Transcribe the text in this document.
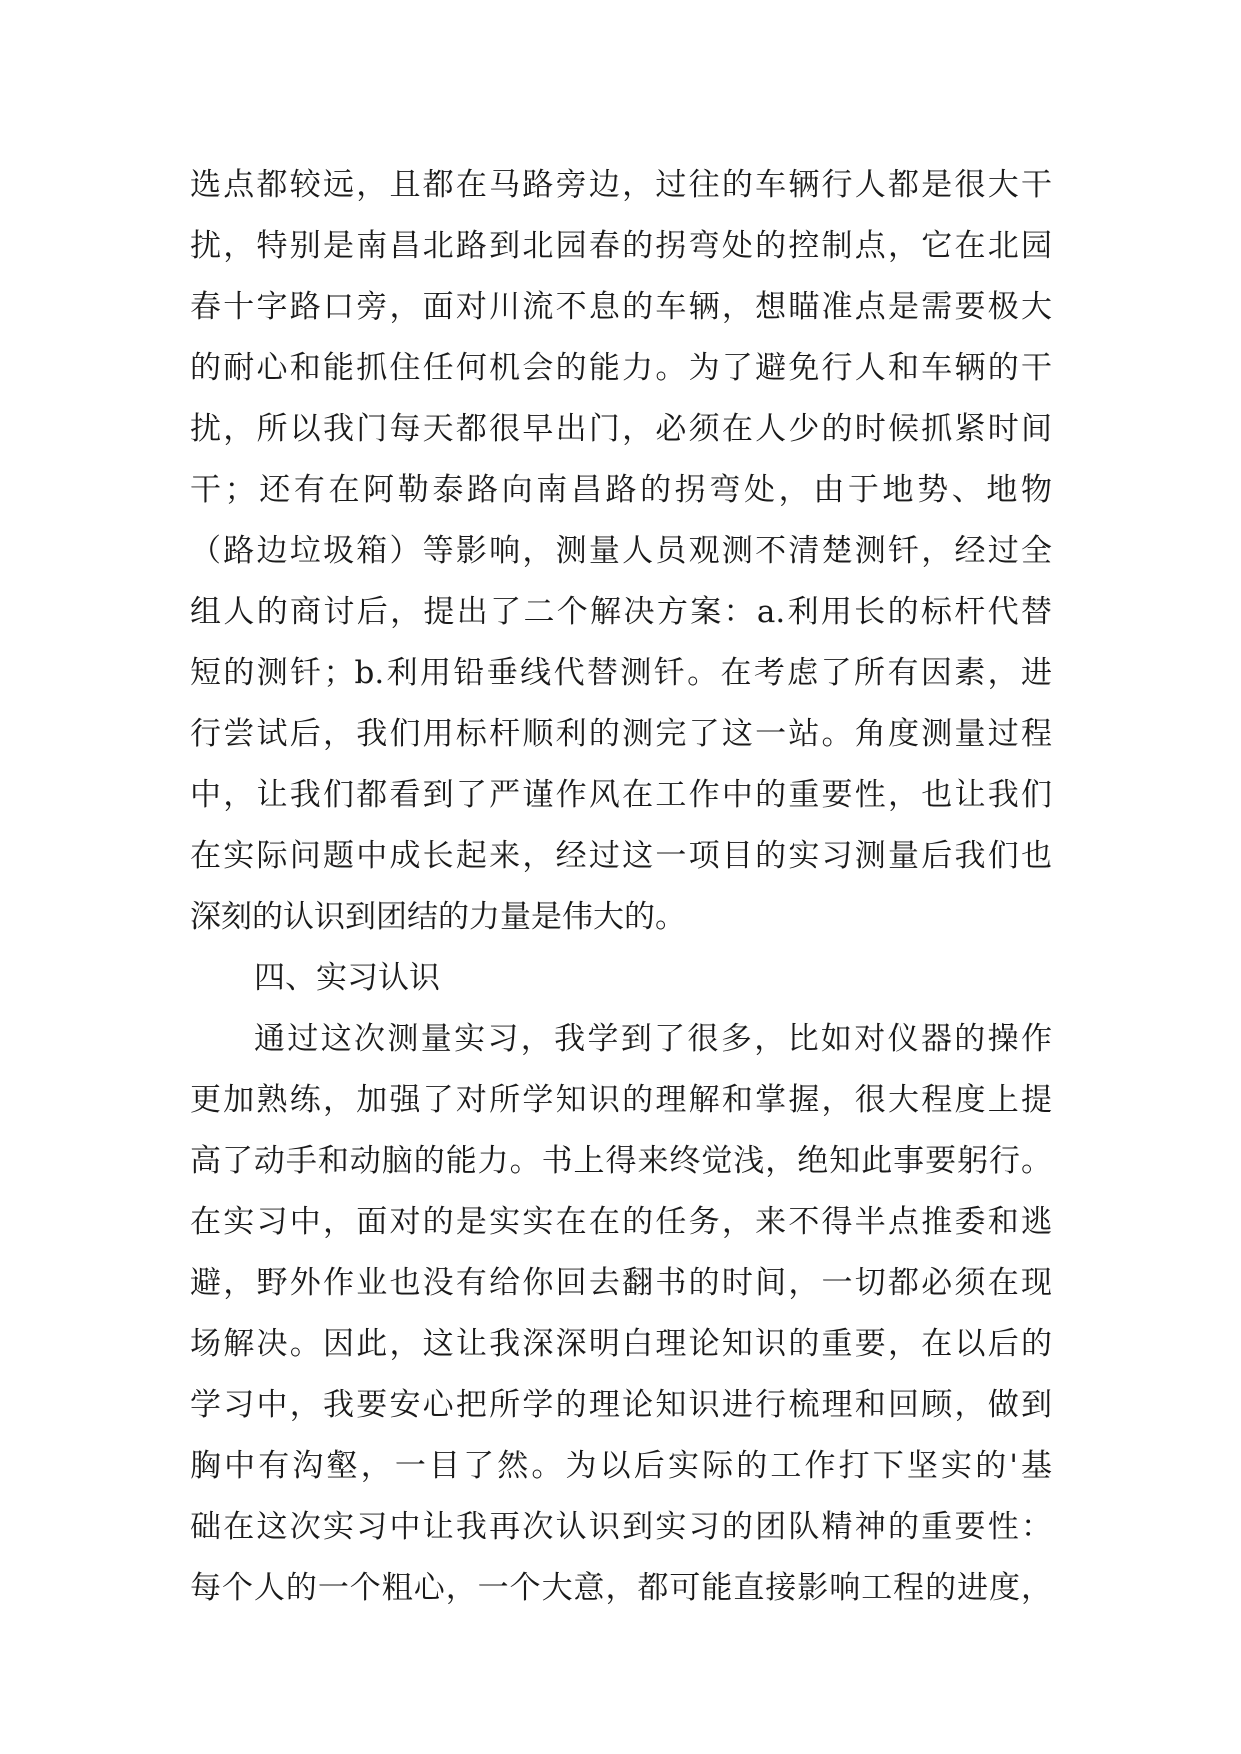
选点都较远，且都在马路旁边，过往的车辆行人都是很大干
扰，特别是南昌北路到北园春的拐弯处的控制点，它在北园
春十字路口旁，面对川流不息的车辆，想瞄准点是需要极大
的耐心和能抓住任何机会的能力。为了避免行人和车辆的干
扰，所以我门每天都很早出门，必须在人少的时候抓紧时间
干；还有在阿勒泰路向南昌路的拐弯处，由于地势、地物
（路边垃圾箱）等影响，测量人员观测不清楚测钎，经过全
组人的商讨后，提出了二个解决方案：a.利用长的标杆代替
短的测钎；b.利用铅垂线代替测钎。在考虑了所有因素，进
行尝试后，我们用标杆顺利的测完了这一站。角度测量过程
中，让我们都看到了严谨作风在工作中的重要性，也让我们
在实际问题中成长起来，经过这一项目的实习测量后我们也
深刻的认识到团结的力量是伟大的。
四、实习认识
通过这次测量实习，我学到了很多，比如对仪器的操作
更加熟练，加强了对所学知识的理解和掌握，很大程度上提
高了动手和动脑的能力。书上得来终觉浅，绝知此事要躬行。
在实习中，面对的是实实在在的任务，来不得半点推委和逃
避，野外作业也没有给你回去翻书的时间，一切都必须在现
场解决。因此，这让我深深明白理论知识的重要，在以后的
学习中，我要安心把所学的理论知识进行梳理和回顾，做到
胸中有沟壑，一目了然。为以后实际的工作打下坚实的'基
础在这次实习中让我再次认识到实习的团队精神的重要性：
每个人的一个粗心，一个大意，都可能直接影响工程的进度，
